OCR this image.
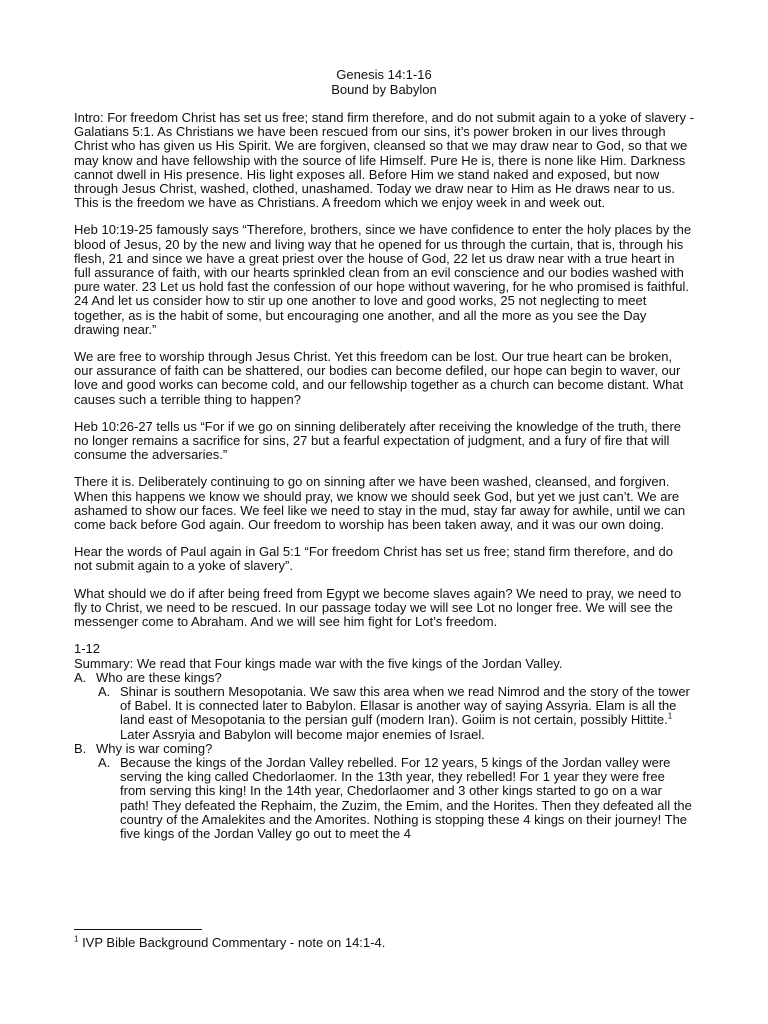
Genesis 14:1-16
Bound by Babylon

Intro: For freedom Christ has set us free; stand firm therefore, and do not submit again to a yoke of slavery - Galatians 5:1. As Christians we have been rescued from our sins, it’s power broken in our lives through Christ who has given us His Spirit. We are forgiven, cleansed so that we may draw near to God, so that we may know and have fellowship with the source of life Himself. Pure He is, there is none like Him. Darkness cannot dwell in His presence. His light exposes all. Before Him we stand naked and exposed, but now through Jesus Christ, washed, clothed, unashamed. Today we draw near to Him as He draws near to us. This is the freedom we have as Christians. A freedom which we enjoy week in and week out.

Heb 10:19-25 famously says “Therefore, brothers, since we have confidence to enter the holy places by the blood of Jesus, 20 by the new and living way that he opened for us through the curtain, that is, through his flesh, 21 and since we have a great priest over the house of God, 22 let us draw near with a true heart in full assurance of faith, with our hearts sprinkled clean from an evil conscience and our bodies washed with pure water. 23 Let us hold fast the confession of our hope without wavering, for he who promised is faithful. 24 And let us consider how to stir up one another to love and good works, 25 not neglecting to meet together, as is the habit of some, but encouraging one another, and all the more as you see the Day drawing near.”

We are free to worship through Jesus Christ. Yet this freedom can be lost. Our true heart can be broken, our assurance of faith can be shattered, our bodies can become defiled, our hope can begin to waver, our love and good works can become cold, and our fellowship together as a church can become distant. What causes such a terrible thing to happen?

Heb 10:26-27 tells us “For if we go on sinning deliberately after receiving the knowledge of the truth, there no longer remains a sacrifice for sins, 27 but a fearful expectation of judgment, and a fury of fire that will consume the adversaries.”

There it is. Deliberately continuing to go on sinning after we have been washed, cleansed, and forgiven. When this happens we know we should pray, we know we should seek God, but yet we just can’t. We are ashamed to show our faces. We feel like we need to stay in the mud, stay far away for awhile, until we can come back before God again. Our freedom to worship has been taken away, and it was our own doing.

Hear the words of Paul again in Gal 5:1 “For freedom Christ has set us free; stand firm therefore, and do not submit again to a yoke of slavery”.

What should we do if after being freed from Egypt we become slaves again? We need to pray, we need to fly to Christ, we need to be rescued. In our passage today we will see Lot no longer free. We will see the messenger come to Abraham. And we will see him fight for Lot’s freedom.

1-12
Summary: We read that Four kings made war with the five kings of the Jordan Valley.
A. Who are these kings?
A. Shinar is southern Mesopotania. We saw this area when we read Nimrod and the story of the tower of Babel. It is connected later to Babylon. Ellasar is another way of saying Assyria. Elam is all the land east of Mesopotania to the persian gulf (modern Iran). Goiim is not certain, possibly Hittite.$^1$ Later Assryia and Babylon will become major enemies of Israel.
B. Why is war coming?
A. Because the kings of the Jordan Valley rebelled. For 12 years, 5 kings of the Jordan valley were serving the king called Chedorlaomer. In the 13th year, they rebelled! For 1 year they were free from serving this king! In the 14th year, Chedorlaomer and 3 other kings started to go on a war path! They defeated the Rephaim, the Zuzim, the Emim, and the Horites. Then they defeated all the country of the Amalekites and the Amorites. Nothing is stopping these 4 kings on their journey! The five kings of the Jordan Valley go out to meet the 4
$^1$ IVP Bible Background Commentary - note on 14:1-4.
